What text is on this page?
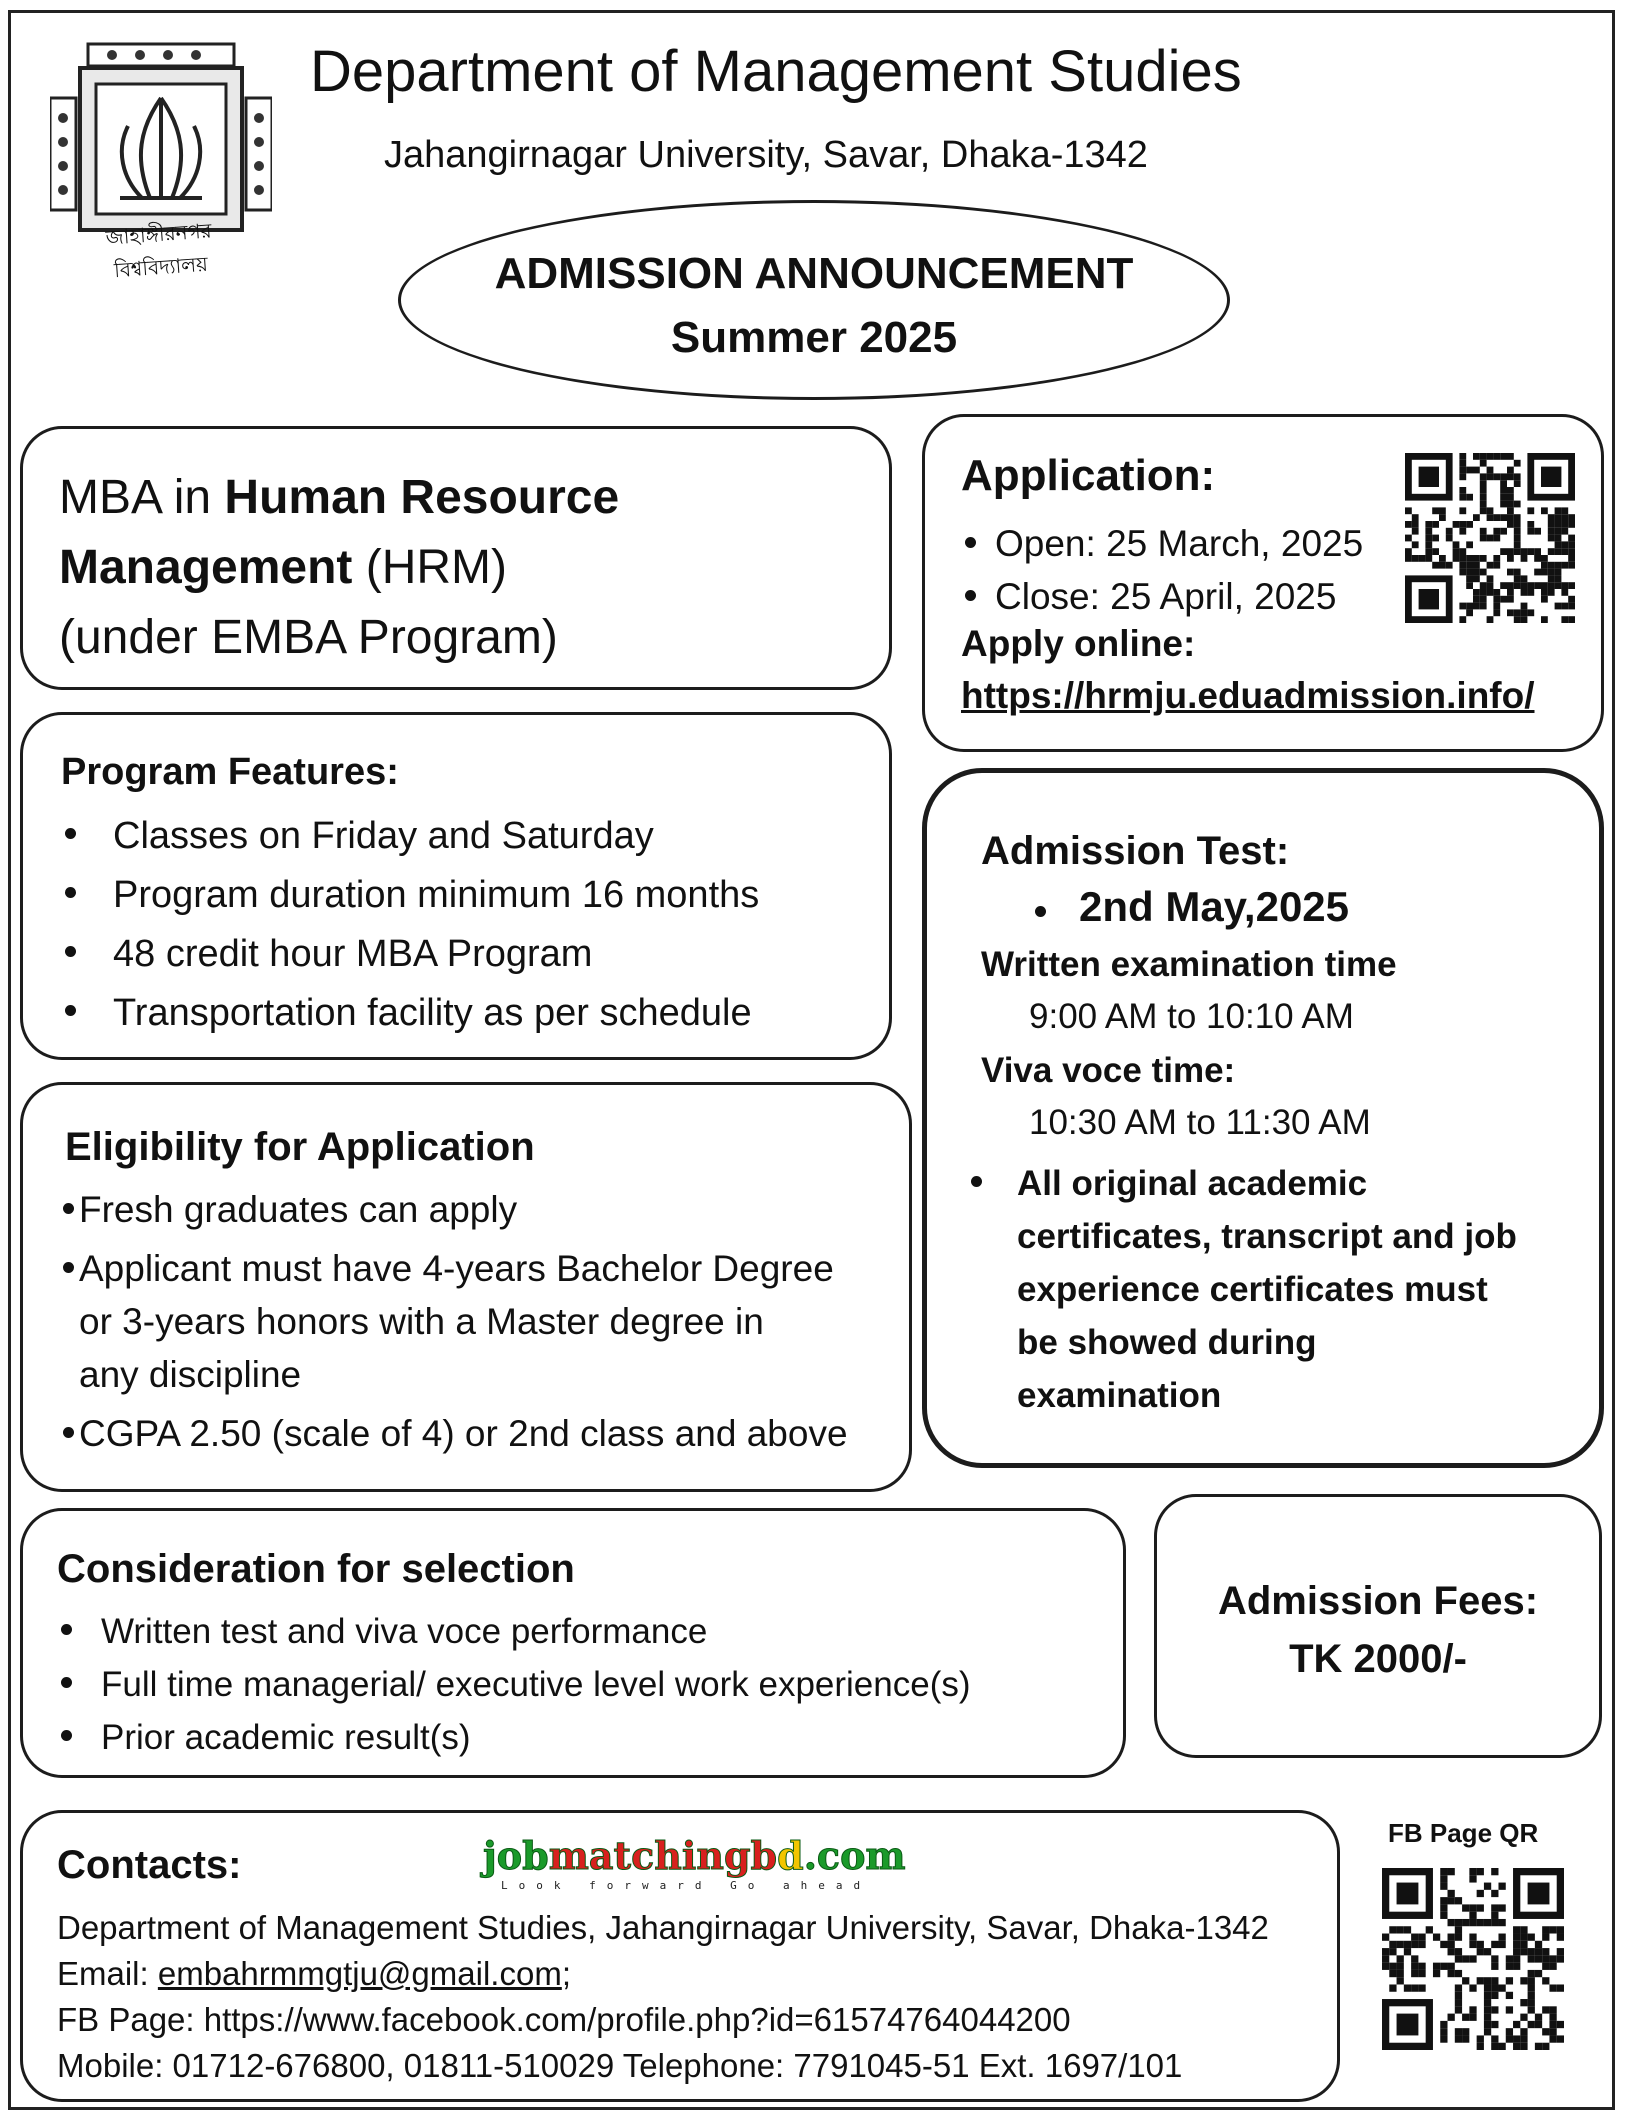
জাহাঙ্গীরনগর বিশ্ববিদ্যালয়
Department of Management Studies
Jahangirnagar University, Savar, Dhaka-1342
ADMISSION ANNOUNCEMENT
Summer 2025
MBA in Human Resource
Management (HRM)
(under EMBA Program)
Application:
Open: 25 March, 2025
Close: 25 April, 2025
Apply online:
https://hrmju.eduadmission.info/
Program Features:
Classes on Friday and Saturday
Program duration minimum 16 months
48 credit hour MBA Program
Transportation facility as per schedule
Admission Test:
2nd May,2025
Written examination time
9:00 AM to 10:10 AM
Viva voce time:
10:30 AM to 11:30 AM
All original academic
certificates, transcript and job
experience certificates must
be showed during
examination
Eligibility for Application
Fresh graduates can apply
Applicant must have 4-years Bachelor Degree
or 3-years honors with a Master degree in
any discipline
CGPA 2.50 (scale of 4) or 2nd class and above
Consideration for selection
Written test and viva voce performance
Full time managerial/ executive level work experience(s)
Prior academic result(s)
Admission Fees:
TK 2000/-
Contacts:
Department of Management Studies, Jahangirnagar University, Savar, Dhaka-1342
Email: embahrmmgtju@gmail.com;
FB Page: https://www.facebook.com/profile.php?id=61574764044200
Mobile: 01712-676800, 01811-510029 Telephone: 7791045-51 Ext. 1697/101
jobmatchingbd.com
Look forward Go ahead
FB Page QR
